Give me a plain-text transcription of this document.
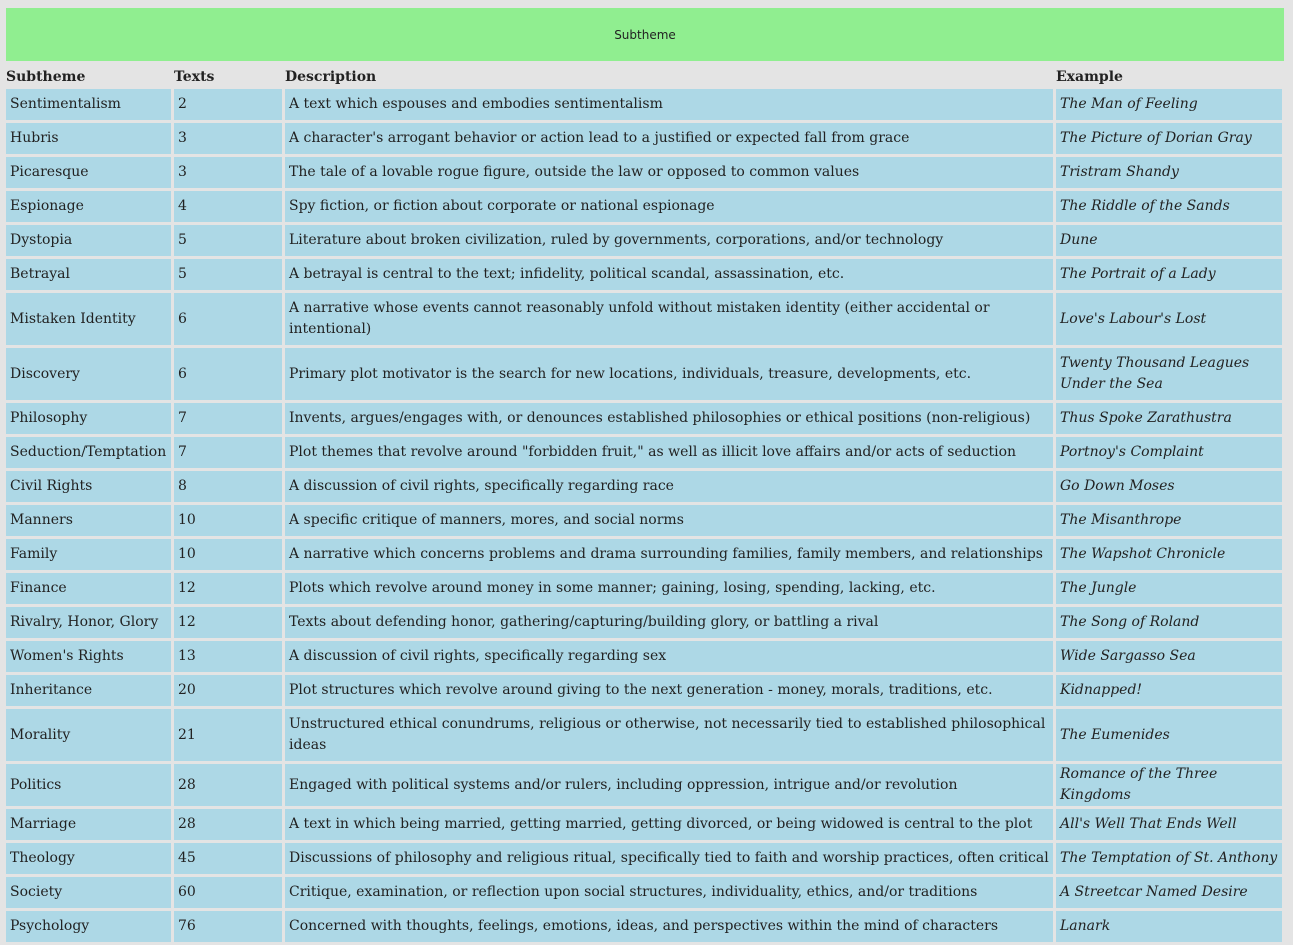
Subtheme
Subtheme	Texts	Description	Example
Sentimentalism	2	A text which espouses and embodies sentimentalism	The Man of Feeling
Hubris	3	A character's arrogant behavior or action lead to a justified or expected fall from grace	The Picture of Dorian Gray
Picaresque	3	The tale of a lovable rogue figure, outside the law or opposed to common values	Tristram Shandy
Espionage	4	Spy fiction, or fiction about corporate or national espionage	The Riddle of the Sands
Dystopia	5	Literature about broken civilization, ruled by governments, corporations, and/or technology	Dune
Betrayal	5	A betrayal is central to the text; infidelity, political scandal, assassination, etc.	The Portrait of a Lady
Mistaken Identity	6	A narrative whose events cannot reasonably unfold without mistaken identity (either accidental or intentional)	Love's Labour's Lost
Discovery	6	Primary plot motivator is the search for new locations, individuals, treasure, developments, etc.	Twenty Thousand Leagues Under the Sea
Philosophy	7	Invents, argues/engages with, or denounces established philosophies or ethical positions (non-religious)	Thus Spoke Zarathustra
Seduction/Temptation	7	Plot themes that revolve around "forbidden fruit," as well as illicit love affairs and/or acts of seduction	Portnoy's Complaint
Civil Rights	8	A discussion of civil rights, specifically regarding race	Go Down Moses
Manners	10	A specific critique of manners, mores, and social norms	The Misanthrope
Family	10	A narrative which concerns problems and drama surrounding families, family members, and relationships	The Wapshot Chronicle
Finance	12	Plots which revolve around money in some manner; gaining, losing, spending, lacking, etc.	The Jungle
Rivalry, Honor, Glory	12	Texts about defending honor, gathering/capturing/building glory, or battling a rival	The Song of Roland
Women's Rights	13	A discussion of civil rights, specifically regarding sex	Wide Sargasso Sea
Inheritance	20	Plot structures which revolve around giving to the next generation - money, morals, traditions, etc.	Kidnapped!
Morality	21	Unstructured ethical conundrums, religious or otherwise, not necessarily tied to established philosophical ideas	The Eumenides
Politics	28	Engaged with political systems and/or rulers, including oppression, intrigue and/or revolution	Romance of the Three Kingdoms
Marriage	28	A text in which being married, getting married, getting divorced, or being widowed is central to the plot	All's Well That Ends Well
Theology	45	Discussions of philosophy and religious ritual, specifically tied to faith and worship practices, often critical	The Temptation of St. Anthony
Society	60	Critique, examination, or reflection upon social structures, individuality, ethics, and/or traditions	A Streetcar Named Desire
Psychology	76	Concerned with thoughts, feelings, emotions, ideas, and perspectives within the mind of characters	Lanark
